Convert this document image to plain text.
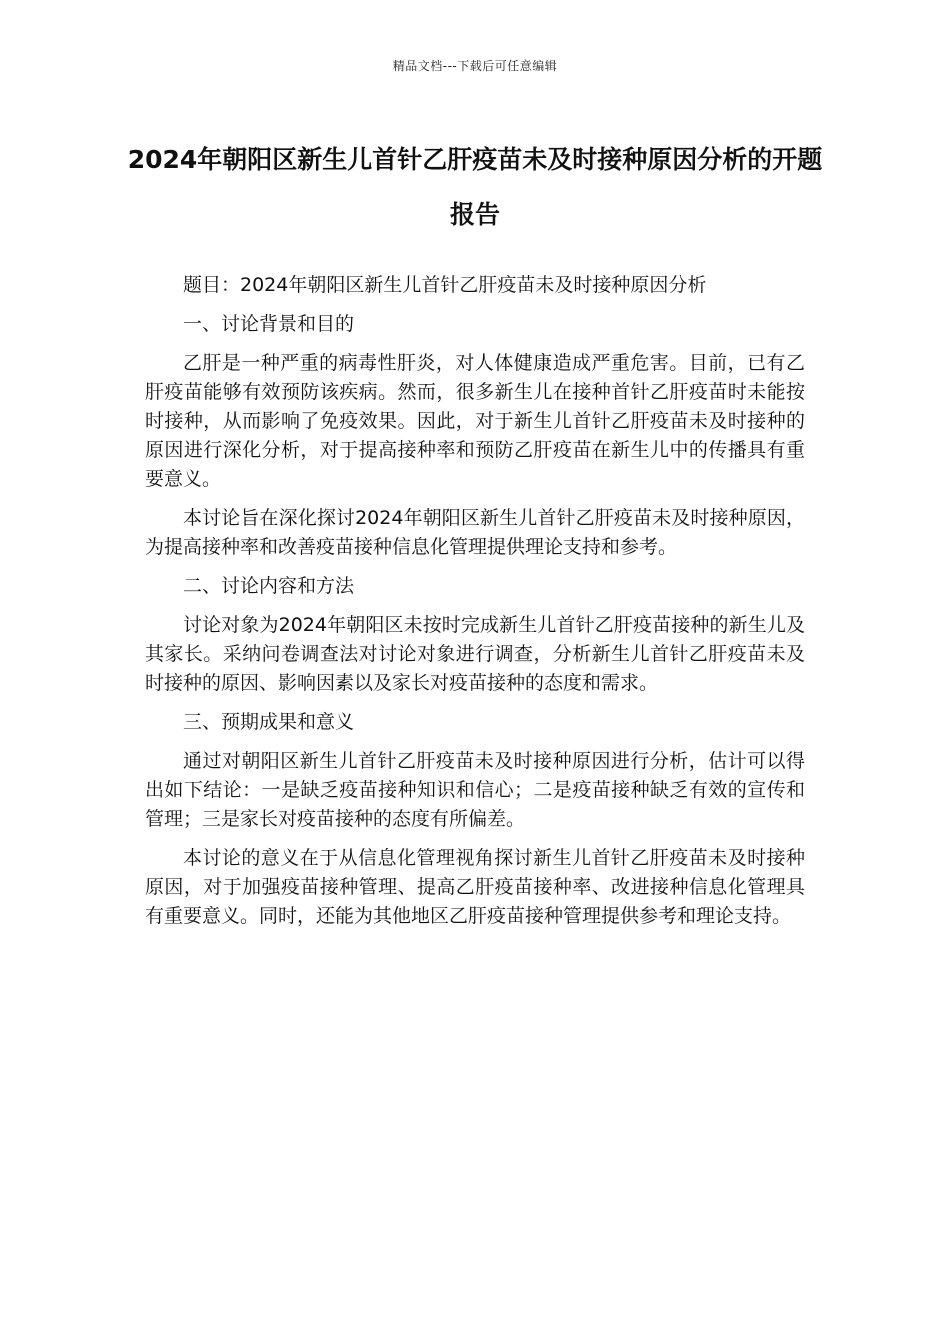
精品文档---下载后可任意编辑
2024年朝阳区新生儿首针乙肝疫苗未及时接种原因分析的开题报告

题目：2024年朝阳区新生儿首针乙肝疫苗未及时接种原因分析

一、讨论背景和目的

乙肝是一种严重的病毒性肝炎，对人体健康造成严重危害。目前，已有乙肝疫苗能够有效预防该疾病。然而，很多新生儿在接种首针乙肝疫苗时未能按时接种，从而影响了免疫效果。因此，对于新生儿首针乙肝疫苗未及时接种的原因进行深化分析，对于提高接种率和预防乙肝疫苗在新生儿中的传播具有重要意义。

本讨论旨在深化探讨2024年朝阳区新生儿首针乙肝疫苗未及时接种原因，为提高接种率和改善疫苗接种信息化管理提供理论支持和参考。

二、讨论内容和方法

讨论对象为2024年朝阳区未按时完成新生儿首针乙肝疫苗接种的新生儿及其家长。采纳问卷调查法对讨论对象进行调查，分析新生儿首针乙肝疫苗未及时接种的原因、影响因素以及家长对疫苗接种的态度和需求。

三、预期成果和意义

通过对朝阳区新生儿首针乙肝疫苗未及时接种原因进行分析，估计可以得出如下结论：一是缺乏疫苗接种知识和信心；二是疫苗接种缺乏有效的宣传和管理；三是家长对疫苗接种的态度有所偏差。

本讨论的意义在于从信息化管理视角探讨新生儿首针乙肝疫苗未及时接种原因，对于加强疫苗接种管理、提高乙肝疫苗接种率、改进接种信息化管理具有重要意义。同时，还能为其他地区乙肝疫苗接种管理提供参考和理论支持。
